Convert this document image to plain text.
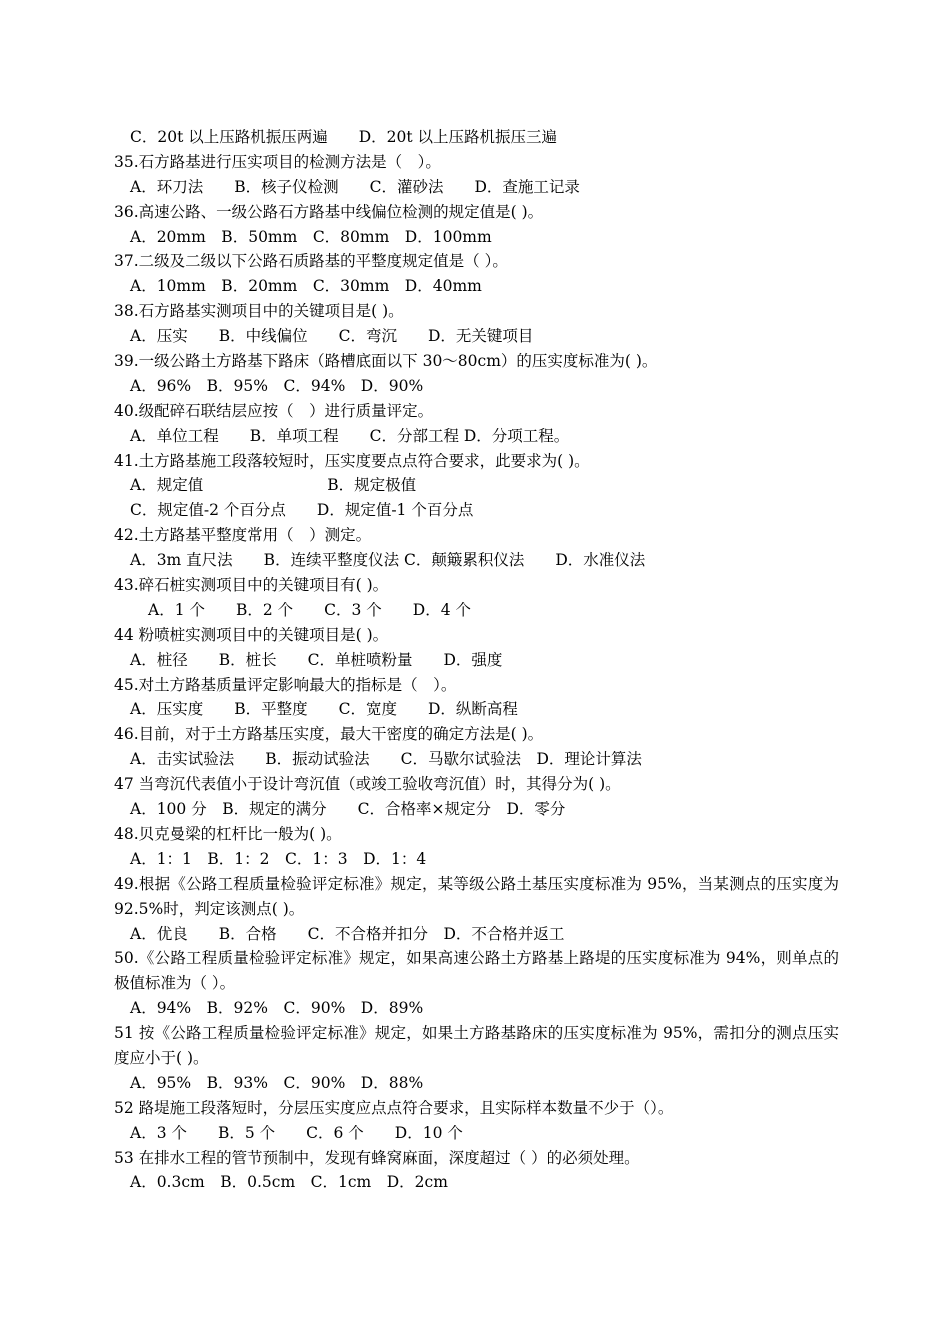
C．20t 以上压路机振压两遍　　D．20t 以上压路机振压三遍
35.石方路基进行压实项目的检测方法是（　）。
A．环刀法　　B．核子仪检测　　C．灌砂法　　D．查施工记录
36.高速公路、一级公路石方路基中线偏位检测的规定值是( )。
A．20mm　B．50mm　C．80mm　D．100mm
37.二级及二级以下公路石质路基的平整度规定值是（ ）。
A．10mm　B．20mm　C．30mm　D．40mm
38.石方路基实测项目中的关键项目是( )。
A．压实　　B．中线偏位　　C．弯沉　　D．无关键项目
39.一级公路土方路基下路床（路槽底面以下 30～80cm）的压实度标准为( )。
A．96%　B．95%　C．94%　D．90%
40.级配碎石联结层应按（　）进行质量评定。
A．单位工程　　B．单项工程　　C．分部工程 D．分项工程。
41.土方路基施工段落较短时，压实度要点点符合要求，此要求为( )。
A．规定值　　　　　　　　B．规定极值
C．规定值-2 个百分点　　D．规定值-1 个百分点
42.土方路基平整度常用（　）测定。
A．3m 直尺法　　B．连续平整度仪法 C．颠簸累积仪法　　D．水准仪法
43.碎石桩实测项目中的关键项目有( )。
A．1 个　　B．2 个　　C．3 个　　D．4 个
44 粉喷桩实测项目中的关键项目是( )。
A．桩径　　B．桩长　　C．单桩喷粉量　　D．强度
45.对土方路基质量评定影响最大的指标是（　）。
A．压实度　　B．平整度　　C．宽度　　D．纵断高程
46.目前，对于土方路基压实度，最大干密度的确定方法是( )。
A．击实试验法　　B．振动试验法　　C．马歇尔试验法　D．理论计算法
47 当弯沉代表值小于设计弯沉值（或竣工验收弯沉值）时，其得分为( )。
A．100 分　B．规定的满分　　C．合格率×规定分　D．零分
48.贝克曼梁的杠杆比一般为( )。
A．1：1　B．1：2　C．1：3　D．1：4
49.根据《公路工程质量检验评定标准》规定，某等级公路土基压实度标准为 95%，当某测点的压实度为 92.5%时，判定该测点( )。
A．优良　　B．合格　　C．不合格并扣分　D．不合格并返工
50.《公路工程质量检验评定标准》规定，如果高速公路土方路基上路堤的压实度标准为 94%，则单点的极值标准为（ ）。
A．94%　B．92%　C．90%　D．89%
51 按《公路工程质量检验评定标准》规定，如果土方路基路床的压实度标准为 95%，需扣分的测点压实度应小于( )。
A．95%　B．93%　C．90%　D．88%
52 路堤施工段落短时，分层压实度应点点符合要求，且实际样本数量不少于（）。
A．3 个　　B．5 个　　C．6 个　　D．10 个
53 在排水工程的管节预制中，发现有蜂窝麻面，深度超过（ ）的必须处理。
A．0.3cm　B．0.5cm　C．1cm　D．2cm
